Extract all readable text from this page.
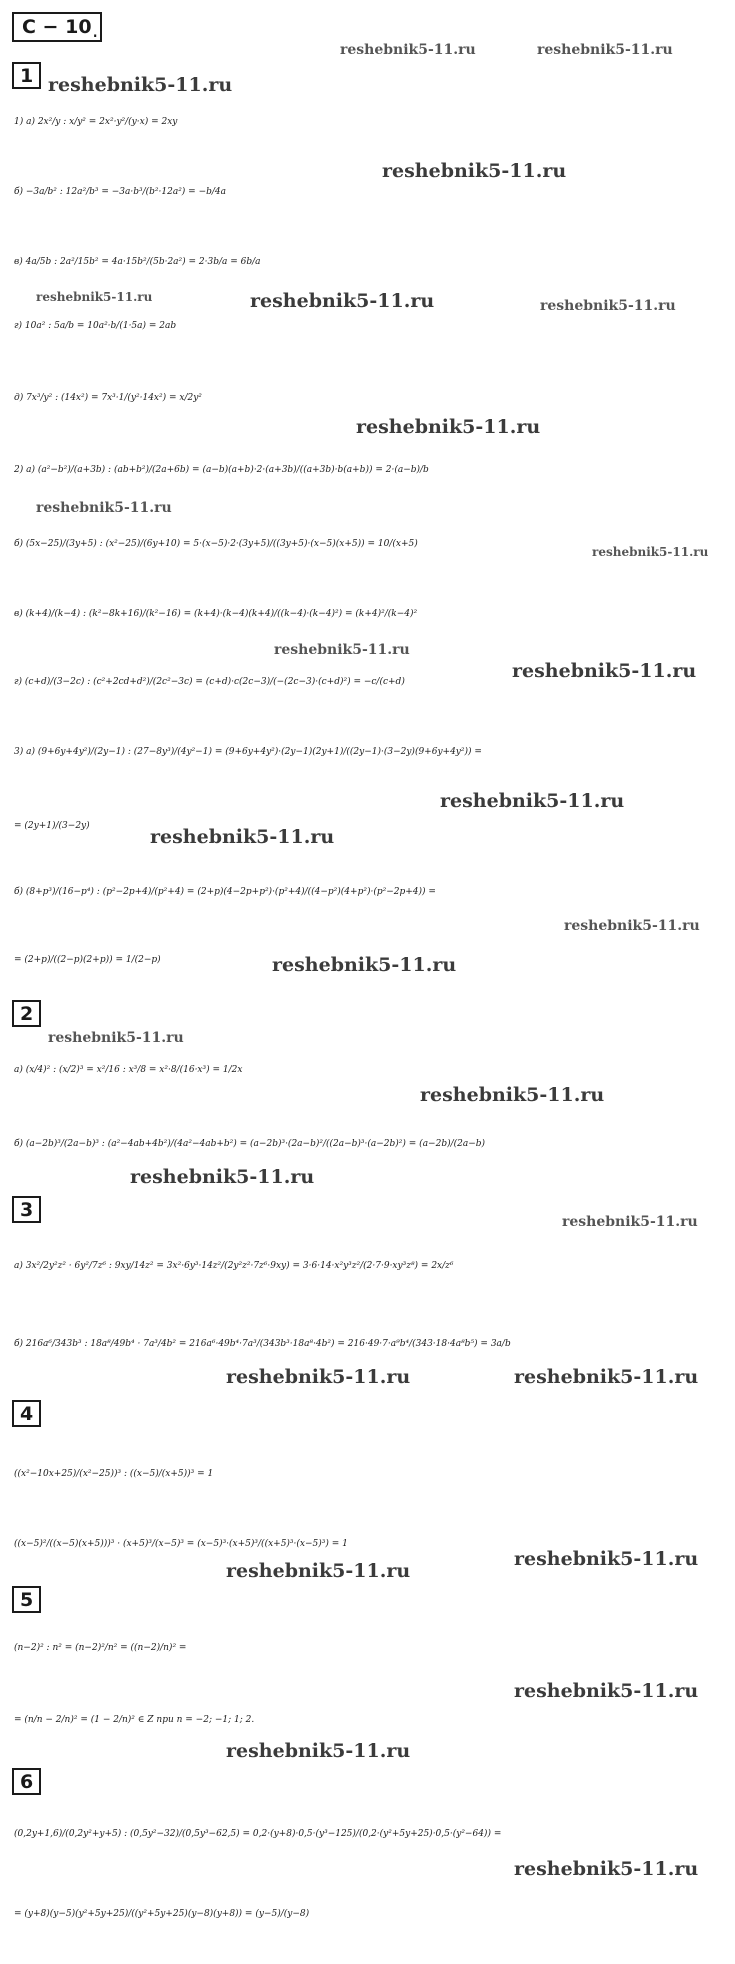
С − 10 .
1
2
3
4
5
6
1) а) 2x²/y : x/y² = 2x²·y²/(y·x) = 2xy
б) −3a/b² : 12a²/b³ = −3a·b³/(b²·12a²) = −b/4a
в) 4a/5b : 2a²/15b² = 4a·15b²/(5b·2a²) = 2·3b/a = 6b/a
г) 10a² : 5a/b = 10a²·b/(1·5a) = 2ab
д) 7x³/y² : (14x²) = 7x³·1/(y²·14x²) = x/2y²
2) а) (a²−b²)/(a+3b) : (ab+b²)/(2a+6b) = (a−b)(a+b)·2·(a+3b)/((a+3b)·b(a+b)) = 2·(a−b)/b
б) (5x−25)/(3y+5) : (x²−25)/(6y+10) = 5·(x−5)·2·(3y+5)/((3y+5)·(x−5)(x+5)) = 10/(x+5)
в) (k+4)/(k−4) : (k²−8k+16)/(k²−16) = (k+4)·(k−4)(k+4)/((k−4)·(k−4)²) = (k+4)²/(k−4)²
г) (c+d)/(3−2c) : (c²+2cd+d²)/(2c²−3c) = (c+d)·c(2c−3)/(−(2c−3)·(c+d)²) = −c/(c+d)
3) а) (9+6y+4y²)/(2y−1) : (27−8y³)/(4y²−1) = (9+6y+4y²)·(2y−1)(2y+1)/((2y−1)·(3−2y)(9+6y+4y²)) =
= (2y+1)/(3−2y)
б) (8+p³)/(16−p⁴) : (p²−2p+4)/(p²+4) = (2+p)(4−2p+p²)·(p²+4)/((4−p²)(4+p²)·(p²−2p+4)) =
= (2+p)/((2−p)(2+p)) = 1/(2−p)
а) (x/4)² : (x/2)³ = x²/16 : x³/8 = x²·8/(16·x³) = 1/2x
б) (a−2b)³/(2a−b)³ : (a²−4ab+4b²)/(4a²−4ab+b²) = (a−2b)³·(2a−b)²/((2a−b)³·(a−2b)²) = (a−2b)/(2a−b)
а) 3x²/2y²z² · 6y²/7z⁶ : 9xy/14z² = 3x²·6y³·14z²/(2y²z²·7z⁶·9xy) = 3·6·14·x²y³z²/(2·7·9·xy³z⁸) = 2x/z⁶
б) 216a⁶/343b³ : 18a⁸/49b⁴ · 7a³/4b² = 216a⁶·49b⁴·7a³/(343b³·18a⁸·4b²) = 216·49·7·a⁹b⁴/(343·18·4a⁸b⁵) = 3a/b
((x²−10x+25)/(x²−25))³ : ((x−5)/(x+5))³ = 1
((x−5)²/((x−5)(x+5)))³ · (x+5)³/(x−5)³ = (x−5)³·(x+5)³/((x+5)³·(x−5)³) = 1
(n−2)² : n² = (n−2)²/n² = ((n−2)/n)² =
= (n/n − 2/n)² = (1 − 2/n)² ∈ Z при n = −2; −1; 1; 2.
(0,2y+1,6)/(0,2y²+y+5) : (0,5y²−32)/(0,5y³−62,5) = 0,2·(y+8)·0,5·(y³−125)/(0,2·(y²+5y+25)·0,5·(y²−64)) =
= (y+8)(y−5)(y²+5y+25)/((y²+5y+25)(y−8)(y+8)) = (y−5)/(y−8)
reshebnik5-11.ru	reshebnik5-11.ru
reshebnik5-11.ru
reshebnik5-11.ru
reshebnik5-11.ru	reshebnik5-11.ru	reshebnik5-11.ru
reshebnik5-11.ru
reshebnik5-11.ru
reshebnik5-11.ru
reshebnik5-11.ru
reshebnik5-11.ru
reshebnik5-11.ru
reshebnik5-11.ru
reshebnik5-11.ru
reshebnik5-11.ru
reshebnik5-11.ru
reshebnik5-11.ru
reshebnik5-11.ru
reshebnik5-11.ru
reshebnik5-11.ru	reshebnik5-11.ru
reshebnik5-11.ru
reshebnik5-11.ru
reshebnik5-11.ru
reshebnik5-11.ru
reshebnik5-11.ru
